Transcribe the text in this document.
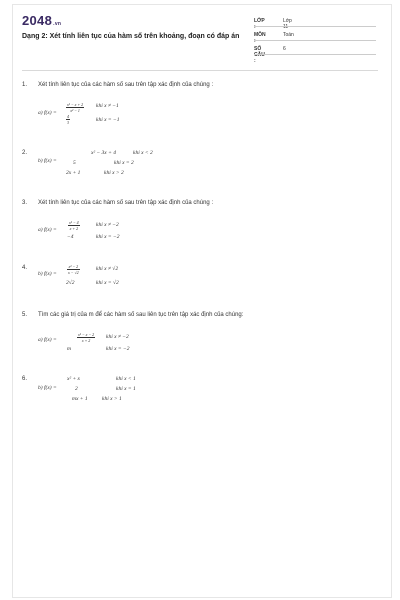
2048.vn
Dạng 2: Xét tính liên tục của hàm số trên khoảng, đoạn có đáp án
LỚP :
Lớp 11
MÔN :
Toán
SỐ CÂU :
6
1. Xét tính liên tục của các hàm số sau trên tập xác định của chúng :
a) $f(x) = \frac{\text{x² − x + 2}}{\text{x² − 1}}$ khi x ≠ −1
$\frac{4}{3}$	khi x = −1
2.
b) f(x) =
x² − 3x + 4	khi x < 2
5	khi x = 2
2x + 1	khi x > 2
3. Xét tính liên tục của các hàm số sau trên tập xác định của chúng :
a) f(x) =	$\frac{\text{x² − 4}}{x + 2}$	khi x ≠ −2
−4	khi x = −2
4.
b) f(x) =	$\frac{\text{x² − 2}}{x - √2}$	khi x ≠ √2
2√2	khi x = √2
5. Tìm các giá trị của m để các hàm số sau liên tục trên tập xác định của chúng:
a) f(x) =	$\frac{\text{x² − x − 2}}{x + 2}$ khi x ≠ −2
m	khi x = −2
6.
b) f(x) =
x² + x	khi x < 1
2	khi x = 1
mx + 1	khi x > 1
